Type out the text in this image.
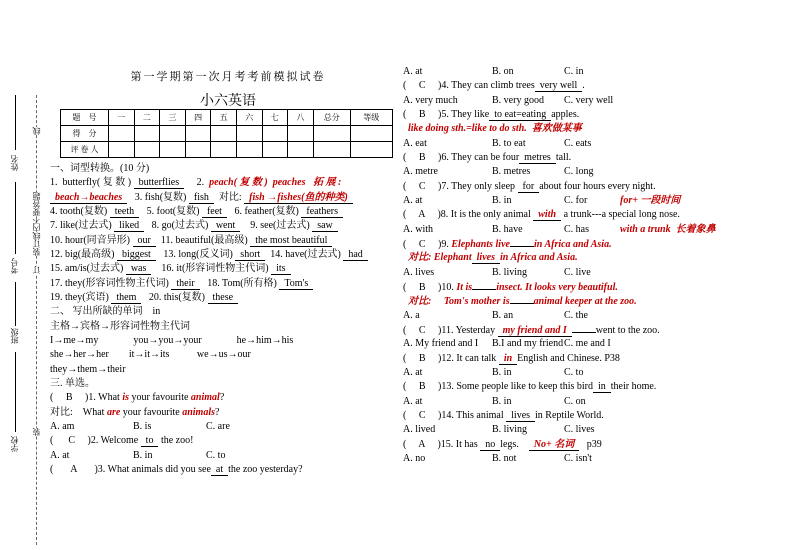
姓名
考号
班级
学校
线
装订线内不要答题
订
装
第一学期第一次月考考前模拟试卷
小六英语
题　号	一	二	三	四	五	六	七	八	总分	等级
得　分										
评 卷 人										
一、词型转换。(10 分)
1.  butterfly( 复 数 ) butterflies     2.  peach( 复 数 )  peaches   拓 展 :
beach→beaches   3. fish(复数) fish  对比: fish →fishes(鱼的种类)
4. tooth(复数) teeth   5. foot(复数) feet   6. feather(复数) feathers
7. like(过去式) liked   8. go(过去式) went    9. see(过去式) saw
10. hour(同音异形) our  11. beautiful(最高级) the most beautiful
12. big(最高级) biggest   13. long(反义词) short  14. have(过去式) had
15. am/is(过去式) was    16. it(形容词性物主代词) its
17. they(形容词性物主代词) their   18. Tom(所有格) Tom's
19. they(宾语) them   20. this(复数) these
二、 写出所缺的单词    in
主格→宾格→形容词性物主代词
I→me→my              you→you→your              he→him→his
she→her→her        it→it→its           we→us→our
they→them→their
三. 单选。
(     B     )1. What is your favourite animal?
对比:    What are your favourite animals?
A. am	B. is	C. are
(      C     )2. Welcome to the zoo!
A. at	B. in	C. to
(       A       )3. What animals did you see at the zoo yesterday?
A. at	B. on	C. in
(     C     )4. They can climb trees very well .
A. very much	B. very good C. very well
(     B     )5. They like to eat=eating apples.
like doing sth.=like to do sth.  喜欢做某事
A. eat	B. to eat	C. eats
(     B     )6. They can be four metres tall.
A. metre	B. metres	C. long
(     C     )7. They only sleep for about four hours every night.
A. at	B. in	C. for	for+ 一段时间
(     A     )8. It is the only animal with a trunk---a special long nose.
A. with	B. have	C. has	with a trunk  长着象鼻
(     C     )9. Elephants live in Africa and Asia.
对比: Elephant lives in Africa and Asia.
A. lives	B. living	C. live
(     B     )10. It is insect. It looks very beautiful.
对比:     Tom's mother is animal keeper at the zoo.
A. a	B. an	C. the
(     C     )11. Yesterday my friend and I	went to the zoo.
A. My friend and I B.I and my friendC. me and I
(     B     )12. It can talk in English and Chinese. P38
A. at	B. in	C. to
(     B     )13. Some people like to keep this bird in their home.
A. at	B. in	C. on
(     C     )14. This animal lives in Reptile World.
A. lived	B. living	C. lives
(     A     )15. It has no legs.    No+ 名词   p39
A. no	B. not	C. isn't
